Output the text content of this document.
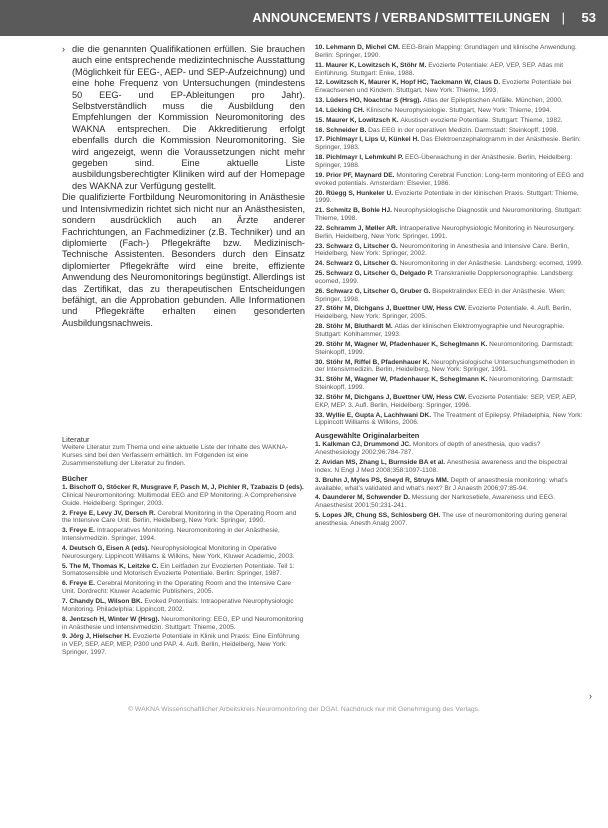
ANNOUNCEMENTS / VERBANDSMITTEILUNGEN | 53

› die die genannten Qualifikationen erfüllen. Sie brauchen auch eine entsprechende medizintechnische Ausstattung (Möglichkeit für EEG-, AEP- und SEP-Aufzeichnung) und eine hohe Frequenz von Untersuchungen (mindestens 50 EEG- und EP-Ableitungen pro Jahr). Selbstverständlich muss die Ausbildung den Empfehlungen der Kommission Neuromonitoring des WAKNA entsprechen. Die Akkreditierung erfolgt ebenfalls durch die Kommission Neuromonitoring. Sie wird angezeigt, wenn die Voraussetzungen nicht mehr gegeben sind. Eine aktuelle Liste ausbildungsberechtigter Kliniken wird auf der Homepage des WAKNA zur Verfügung gestellt.

Die qualifizierte Fortbildung Neuromonitoring in Anästhesie und Intensivmedizin richtet sich nicht nur an Anästhesisten, sondern ausdrücklich auch an Ärzte anderer Fachrichtungen, an Fachmediziner (z.B. Techniker) und an diplomierte (Fach-) Pflegekräfte bzw. Medizinisch-Technische Assistenten. Besonders durch den Einsatz diplomierter Pflegekräfte wird eine breite, effiziente Anwendung des Neuromonitorings begünstigt. Allerdings ist das Zertifikat, das zu therapeutischen Entscheidungen befähigt, an die Approbation gebunden. Alle Informationen und Pflegekräfte erhalten einen gesonderten Ausbildungsnachweis.

Literatur

Weitere Literatur zum Thema und eine aktuelle Liste der Inhalte des WAKNA-Kurses sind bei den Verfassern erhältlich. Im Folgenden ist eine Zusammenstellung der Literatur zu finden.

Bücher

1. Bischoff G, Stöcker R, Musgrave F, Pasch M, J, Pichler R, Tzabazis D (eds). Clinical Neuromonitoring: Multimodal EEG and EP Monitoring: A Comprehensive Guide. Heidelberg: Springer, 2003.
2. Freye E, Levy JV, Dersch R. Cerebral Monitoring in the Operating Room and the Intensive Care Unit. Berlin, Heidelberg, New York: Springer, 1990.
3. Freye E. Intraoperatives Monitoring. Neuromonitoring in der Anästhesie, Intensivmedizin. Springer, 1994.
4. Deutsch G, Eisen A (eds). Neurophysiological Monitoring in Operative Neurosurgery. Lippincott Williams & Wilkins, New York, Kluwer Academic, 2003.
5. The M, Thomas K, Leitzke C. Ein Leitfaden zur Evozierten Potentiale. Teil 1: Somatosensible und Motorisch Evozierte Potentiale. Berlin: Springer, 1987.
6. Freye E. Cerebral Monitoring in the Operating Room and the Intensive Care Unit. Dordrecht: Kluwer Academic Publishers, 2005.
7. Chandy DL, Wilson BK. Evoked Potentials: Intraoperative Neurophysiologic Monitoring. Philadelphia: Lippincott, 2002.
8. Jentzsch H, Winter W (Hrsg). Neuromonitoring: EEG, EP und Neuromonitoring in Anästhesie und Intensivmedizin. Stuttgart: Thieme, 2005.
9. Jörg J, Hielscher H. Evozierte Potentiale in Klinik und Praxis: Eine Einführung in VEP, SEP, AEP, MEP, P300 und PAP. 4. Aufl. Berlin, Heidelberg, New York: Springer, 1997.
10. Lehmann D, Michel CM. EEG-Brain Mapping: Grundlagen und klinische Anwendung. Berlin: Springer, 1990.
11. Maurer K, Lowitzsch K, Stöhr M. Evozierte Potentiale: AEP, VEP, SEP. Atlas mit Einführung. Stuttgart: Enke, 1988.
12. Lowitzsch K, Maurer K, Hopf HC, Tackmann W, Claus D. Evozierte Potentiale bei Erwachsenen und Kindern. Stuttgart, New York: Thieme, 1993.
13. Lüders HO, Noachtar S (Hrsg). Atlas der Epileptischen Anfälle. München, 2000.
14. Lücking CH. Klinische Neurophysiologie. Stuttgart, New York: Thieme, 1994.
15. Maurer K, Lowitzsch K. Akustisch evozierte Potentiale. Stuttgart: Thieme, 1982.
16. Schneider B. Das EEG in der operativen Medizin. Darmstadt: Steinkopff, 1998.
17. Pichlmayr I, Lips U, Künkel H. Das Elektroenzephalogramm in der Anästhesie. Berlin: Springer, 1983.
18. Pichlmayr I, Lehmkuhl P. EEG-Überwachung in der Anästhesie. Berlin, Heidelberg: Springer, 1988.
19. Prior PF, Maynard DE. Monitoring Cerebral Function: Long-term monitoring of EEG and evoked potentials. Amsterdam: Elsevier, 1986.
20. Rüegg S, Hunkeler U. Evozierte Potentiale in der klinischen Praxis. Stuttgart: Thieme, 1999.
21. Schmitz B, Bohle HJ. Neurophysiologische Diagnostik und Neuromonitoring. Stuttgart: Thieme, 1998.
22. Schramm J, Møller AR. Intraoperative Neurophysiologic Monitoring in Neurosurgery. Berlin, Heidelberg, New York: Springer, 1991.
23. Schwarz G, Litscher G. Neuromonitoring in Anesthesia and Intensive Care. Berlin, Heidelberg, New York: Springer, 2002.
24. Schwarz G, Litscher G. Neuromonitoring in der Anästhesie. Landsberg: ecomed, 1999.
25. Schwarz G, Litscher G, Delgado P. Transkranielle Dopplersonographie. Landsberg: ecomed, 1999.
26. Schwarz G, Litscher G, Gruber G. Bispektralindex EEG in der Anästhesie. Wien: Springer, 1998.
27. Stöhr M, Dichgans J, Buettner UW, Hess CW. Evozierte Potentiale. 4. Aufl. Berlin, Heidelberg, New York: Springer, 2005.
28. Stöhr M, Bluthardt M. Atlas der klinischen Elektromyographie und Neurographie. Stuttgart: Kohlhammer, 1993.
29. Stöhr M, Wagner W, Pfadenhauer K, Scheglmann K. Neuromonitoring. Darmstadt: Steinkopff, 1999.
30. Stöhr M, Riffel B, Pfadenhauer K. Neurophysiologische Untersuchungsmethoden in der Intensivmedizin. Berlin, Heidelberg, New York: Springer, 1991.
31. Stöhr M, Wagner W, Pfadenhauer K, Scheglmann K. Neuromonitoring. Darmstadt: Steinkopff, 1999.
32. Stöhr M, Dichgans J, Buettner UW, Hess CW. Evozierte Potentiale: SEP, VEP, AEP, EKP, MEP. 3. Aufl. Berlin, Heidelberg: Springer, 1996.
33. Wyllie E, Gupta A, Lachhwani DK. The Treatment of Epilepsy. Philadelphia, New York: Lippincott Williams & Wilkins, 2006.

Ausgewählte Originalarbeiten

1. Kalkman CJ, Drummond JC. Monitors of depth of anesthesia, quo vadis? Anesthesiology 2002;96:784-787.
2. Avidan MS, Zhang L, Burnside BA et al. Anesthesia awareness and the bispectral index. N Engl J Med 2008;358:1097-1108.
3. Bruhn J, Myles PS, Sneyd R, Struys MM. Depth of anaesthesia monitoring: what's available, what's validated and what's next? Br J Anaesth 2006;97:85-94.
4. Daunderer M, Schwender D. Messung der Narkosetiefe, Awareness und EEG. Anaesthesist 2001;50:231-241.
5. Lopes JR, Chung SS, Schlosberg GH. The use of neuromonitoring during general anesthesia. Anesth Analg 2007.
›
© WAKNA Wissenschaftlicher Arbeitskreis Neuromonitoring der DGAI. Nachdruck nur mit Genehmigung des Verlags.
